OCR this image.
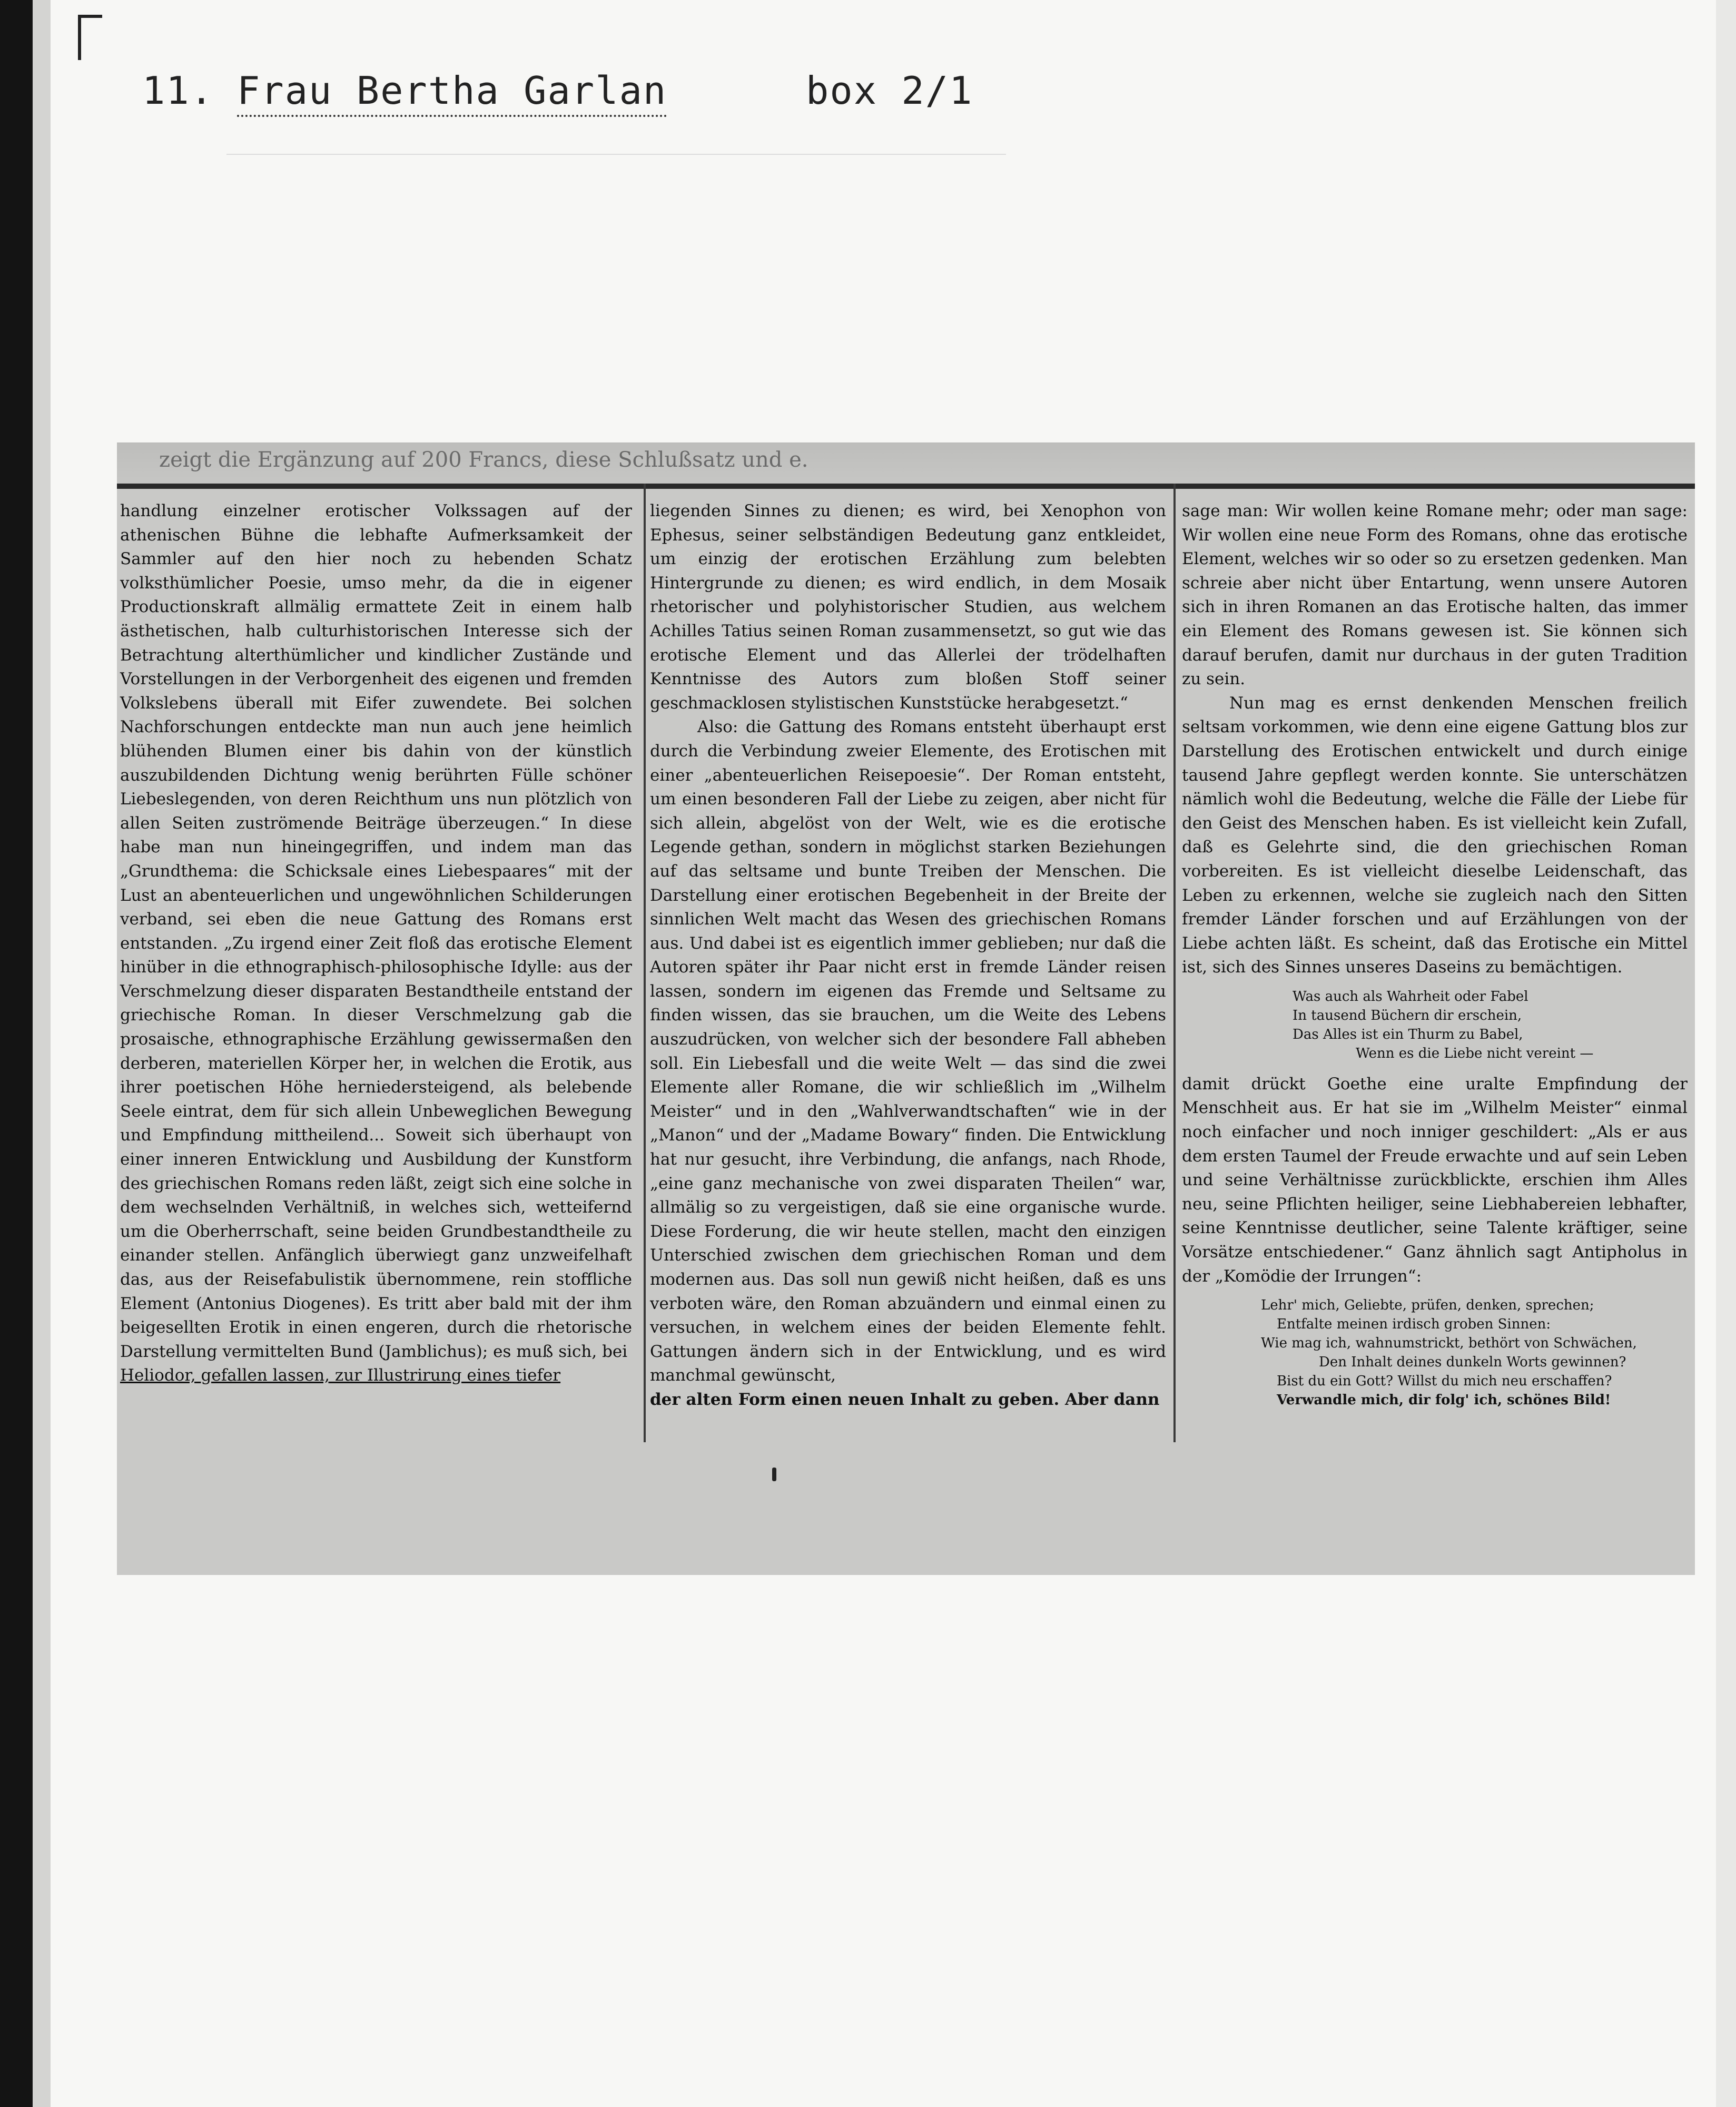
11. Frau Bertha Garlan	box 2/1
zeigt die Ergänzung auf 200 Francs, diese Schlußsatz und e.

handlung einzelner erotischer Volkssagen auf der athenischen Bühne die lebhafte Aufmerksamkeit der Sammler auf den hier noch zu hebenden Schatz volksthümlicher Poesie, umso mehr, da die in eigener Productionskraft allmälig ermattete Zeit in einem halb ästhetischen, halb culturhistorischen Interesse sich der Betrachtung alterthümlicher und kindlicher Zustände und Vorstellungen in der Verborgenheit des eigenen und fremden Volkslebens überall mit Eifer zuwendete. Bei solchen Nachforschungen entdeckte man nun auch jene heimlich blühenden Blumen einer bis dahin von der künstlich auszubildenden Dichtung wenig berührten Fülle schöner Liebeslegenden, von deren Reichthum uns nun plötzlich von allen Seiten zuströmende Beiträge überzeugen.“ In diese habe man nun hineingegriffen, und indem man das „Grundthema: die Schicksale eines Liebespaares“ mit der Lust an abenteuerlichen und ungewöhnlichen Schilderungen verband, sei eben die neue Gattung des Romans erst entstanden. „Zu irgend einer Zeit floß das erotische Element hinüber in die ethnographisch-philosophische Idylle: aus der Verschmelzung dieser disparaten Bestandtheile entstand der griechische Roman. In dieser Verschmelzung gab die prosaische, ethnographische Erzählung gewissermaßen den derberen, materiellen Körper her, in welchen die Erotik, aus ihrer poetischen Höhe herniedersteigend, als belebende Seele eintrat, dem für sich allein Unbeweglichen Bewegung und Empfindung mittheilend... Soweit sich überhaupt von einer inneren Entwicklung und Ausbildung der Kunstform des griechischen Romans reden läßt, zeigt sich eine solche in dem wechselnden Verhältniß, in welches sich, wetteifernd um die Oberherrschaft, seine beiden Grundbestandtheile zu einander stellen. Anfänglich überwiegt ganz unzweifelhaft das, aus der Reisefabulistik übernommene, rein stoffliche Element (Antonius Diogenes). Es tritt aber bald mit der ihm beigesellten Erotik in einen engeren, durch die rhetorische Darstellung vermittelten Bund (Jamblichus); es muß sich, bei

Heliodor, gefallen lassen, zur Illustrirung eines tiefer

liegenden Sinnes zu dienen; es wird, bei Xenophon von Ephesus, seiner selbständigen Bedeutung ganz entkleidet, um einzig der erotischen Erzählung zum belebten Hintergrunde zu dienen; es wird endlich, in dem Mosaik rhetorischer und polyhistorischer Studien, aus welchem Achilles Tatius seinen Roman zusammensetzt, so gut wie das erotische Element und das Allerlei der trödelhaften Kenntnisse des Autors zum bloßen Stoff seiner geschmacklosen stylistischen Kunststücke herabgesetzt.“

Also: die Gattung des Romans entsteht überhaupt erst durch die Verbindung zweier Elemente, des Erotischen mit einer „abenteuerlichen Reisepoesie“. Der Roman entsteht, um einen besonderen Fall der Liebe zu zeigen, aber nicht für sich allein, abgelöst von der Welt, wie es die erotische Legende gethan, sondern in möglichst starken Beziehungen auf das seltsame und bunte Treiben der Menschen. Die Darstellung einer erotischen Begebenheit in der Breite der sinnlichen Welt macht das Wesen des griechischen Romans aus. Und dabei ist es eigentlich immer geblieben; nur daß die Autoren später ihr Paar nicht erst in fremde Länder reisen lassen, sondern im eigenen das Fremde und Seltsame zu finden wissen, das sie brauchen, um die Weite des Lebens auszudrücken, von welcher sich der besondere Fall abheben soll. Ein Liebesfall und die weite Welt — das sind die zwei Elemente aller Romane, die wir schließlich im „Wilhelm Meister“ und in den „Wahlverwandtschaften“ wie in der „Manon“ und der „Madame Bowary“ finden. Die Entwicklung hat nur gesucht, ihre Verbindung, die anfangs, nach Rhode, „eine ganz mechanische von zwei disparaten Theilen“ war, allmälig so zu vergeistigen, daß sie eine organische wurde. Diese Forderung, die wir heute stellen, macht den einzigen Unterschied zwischen dem griechischen Roman und dem modernen aus. Das soll nun gewiß nicht heißen, daß es uns verboten wäre, den Roman abzuändern und einmal einen zu versuchen, in welchem eines der beiden Elemente fehlt. Gattungen ändern sich in der Entwicklung, und es wird manchmal gewünscht,

der alten Form einen neuen Inhalt zu geben. Aber dann

sage man: Wir wollen keine Romane mehr; oder man sage: Wir wollen eine neue Form des Romans, ohne das erotische Element, welches wir so oder so zu ersetzen gedenken. Man schreie aber nicht über Entartung, wenn unsere Autoren sich in ihren Romanen an das Erotische halten, das immer ein Element des Romans gewesen ist. Sie können sich darauf berufen, damit nur durchaus in der guten Tradition zu sein.

Nun mag es ernst denkenden Menschen freilich seltsam vorkommen, wie denn eine eigene Gattung blos zur Darstellung des Erotischen entwickelt und durch einige tausend Jahre gepflegt werden konnte. Sie unterschätzen nämlich wohl die Bedeutung, welche die Fälle der Liebe für den Geist des Menschen haben. Es ist vielleicht kein Zufall, daß es Gelehrte sind, die den griechischen Roman vorbereiten. Es ist vielleicht dieselbe Leidenschaft, das Leben zu erkennen, welche sie zugleich nach den Sitten fremder Länder forschen und auf Erzählungen von der Liebe achten läßt. Es scheint, daß das Erotische ein Mittel ist, sich des Sinnes unseres Daseins zu bemächtigen.

Was auch als Wahrheit oder Fabel
In tausend Büchern dir erschein,
Das Alles ist ein Thurm zu Babel,
Wenn es die Liebe nicht vereint —

damit drückt Goethe eine uralte Empfindung der Menschheit aus. Er hat sie im „Wilhelm Meister“ einmal noch einfacher und noch inniger geschildert: „Als er aus dem ersten Taumel der Freude erwachte und auf sein Leben und seine Verhältnisse zurückblickte, erschien ihm Alles neu, seine Pflichten heiliger, seine Liebhabereien lebhafter, seine Kenntnisse deutlicher, seine Talente kräftiger, seine Vorsätze entschiedener.“ Ganz ähnlich sagt Antipholus in der „Komödie der Irrungen“:

Lehr' mich, Geliebte, prüfen, denken, sprechen;
Entfalte meinen irdisch groben Sinnen:
Wie mag ich, wahnumstrickt, bethört von Schwächen,
Den Inhalt deines dunkeln Worts gewinnen?
Bist du ein Gott? Willst du mich neu erschaffen?
Verwandle mich, dir folg' ich, schönes Bild!
